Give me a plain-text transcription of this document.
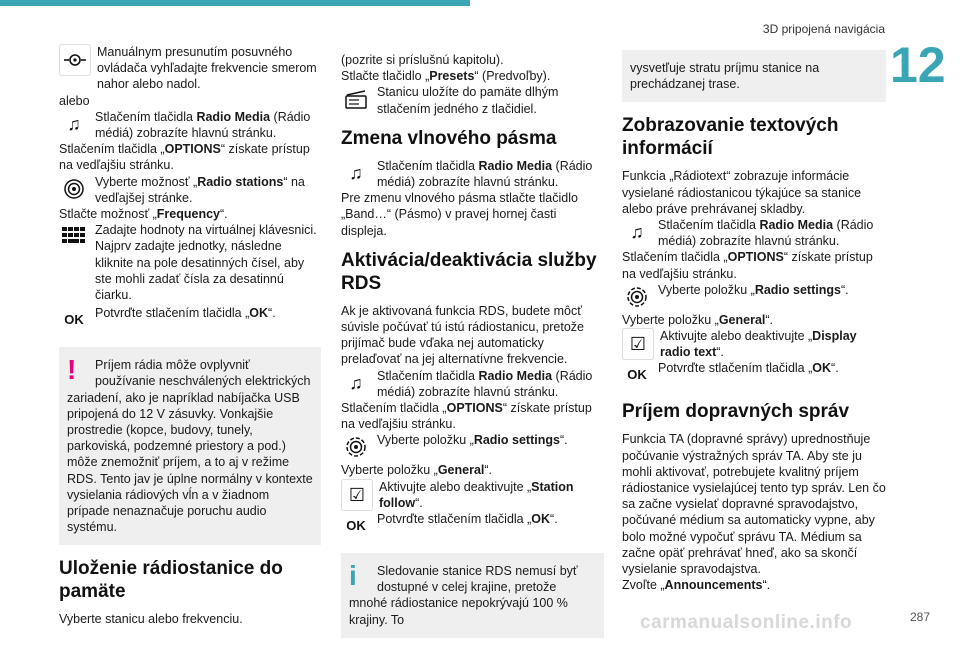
3D pripojená navigácia
12

Manuálnym presunutím posuvného ovládača vyhľadajte frekvencie smerom nahor alebo nadol.

alebo

♫	Stlačením tlačidla Radio Media (Rádio médiá) zobrazíte hlavnú stránku.

Stlačením tlačidla „OPTIONS“ získate prístup na vedľajšiu stránku.

Vyberte možnosť „Radio stations“ na vedľajšej stránke.

Stlačte možnosť „Frequency“.

Zadajte hodnoty na virtuálnej klávesnici. Najprv zadajte jednotky, následne kliknite na pole desatinných čísel, aby ste mohli zadať čísla za desatinnú čiarku.

OK Potvrďte stlačením tlačidla „OK“.

!	Príjem rádia môže ovplyvniť používanie neschválených elektrických zariadení, ako je napríklad nabíjačka USB pripojená do 12 V zásuvky. Vonkajšie prostredie (kopce, budovy, tunely, parkoviská, podzemné priestory a pod.) môže znemožniť príjem, a to aj v režime RDS. Tento jav je úplne normálny v kontexte vysielania rádiových vĺn a v žiadnom prípade nenaznačuje poruchu audio systému.

Uloženie rádiostanice do pamäte

Vyberte stanicu alebo frekvenciu.

(pozrite si príslušnú kapitolu).

Stlačte tlačidlo „Presets“ (Predvoľby).

Stanicu uložíte do pamäte dlhým stlačením jedného z tlačidiel.

Zmena vlnového pásma
♫	Stlačením tlačidla Radio Media (Rádio médiá) zobrazíte hlavnú stránku.

Pre zmenu vlnového pásma stlačte tlačidlo „Band…“ (Pásmo) v pravej hornej časti displeja.

Aktivácia/deaktivácia služby RDS

Ak je aktivovaná funkcia RDS, budete môcť súvisle počúvať tú istú rádiostanicu, pretože prijímač bude vďaka nej automaticky prelaďovať na jej alternatívne frekvencie.

♫	Stlačením tlačidla Radio Media (Rádio médiá) zobrazíte hlavnú stránku.

Stlačením tlačidla „OPTIONS“ získate prístup na vedľajšiu stránku.

Vyberte položku „Radio settings“.

Vyberte položku „General“.

☑	Aktivujte alebo deaktivujte „Station follow“.

OK Potvrďte stlačením tlačidla „OK“.

i	Sledovanie stanice RDS nemusí byť dostupné v celej krajine, pretože mnohé rádiostanice nepokrývajú 100 % krajiny. To

vysvetľuje stratu príjmu stanice na prechádzanej trase.

Zobrazovanie textových informácií

Funkcia „Rádiotext“ zobrazuje informácie vysielané rádiostanicou týkajúce sa stanice alebo práve prehrávanej skladby.

♫	Stlačením tlačidla Radio Media (Rádio médiá) zobrazíte hlavnú stránku.

Stlačením tlačidla „OPTIONS“ získate prístup na vedľajšiu stránku.

Vyberte položku „Radio settings“.

Vyberte položku „General“.

☑	Aktivujte alebo deaktivujte „Display radio text“.

OK Potvrďte stlačením tlačidla „OK“.

Príjem dopravných správ

Funkcia TA (dopravné správy) uprednostňuje počúvanie výstražných správ TA. Aby ste ju mohli aktivovať, potrebujete kvalitný príjem rádiostanice vysielajúcej tento typ správ. Len čo sa začne vysielať dopravné spravodajstvo, počúvané médium sa automaticky vypne, aby bolo možné vypočuť správu TA. Médium sa začne opäť prehrávať hneď, ako sa skončí vysielanie spravodajstva.

Zvoľte „Announcements“.

carmanualsonline.info	287
